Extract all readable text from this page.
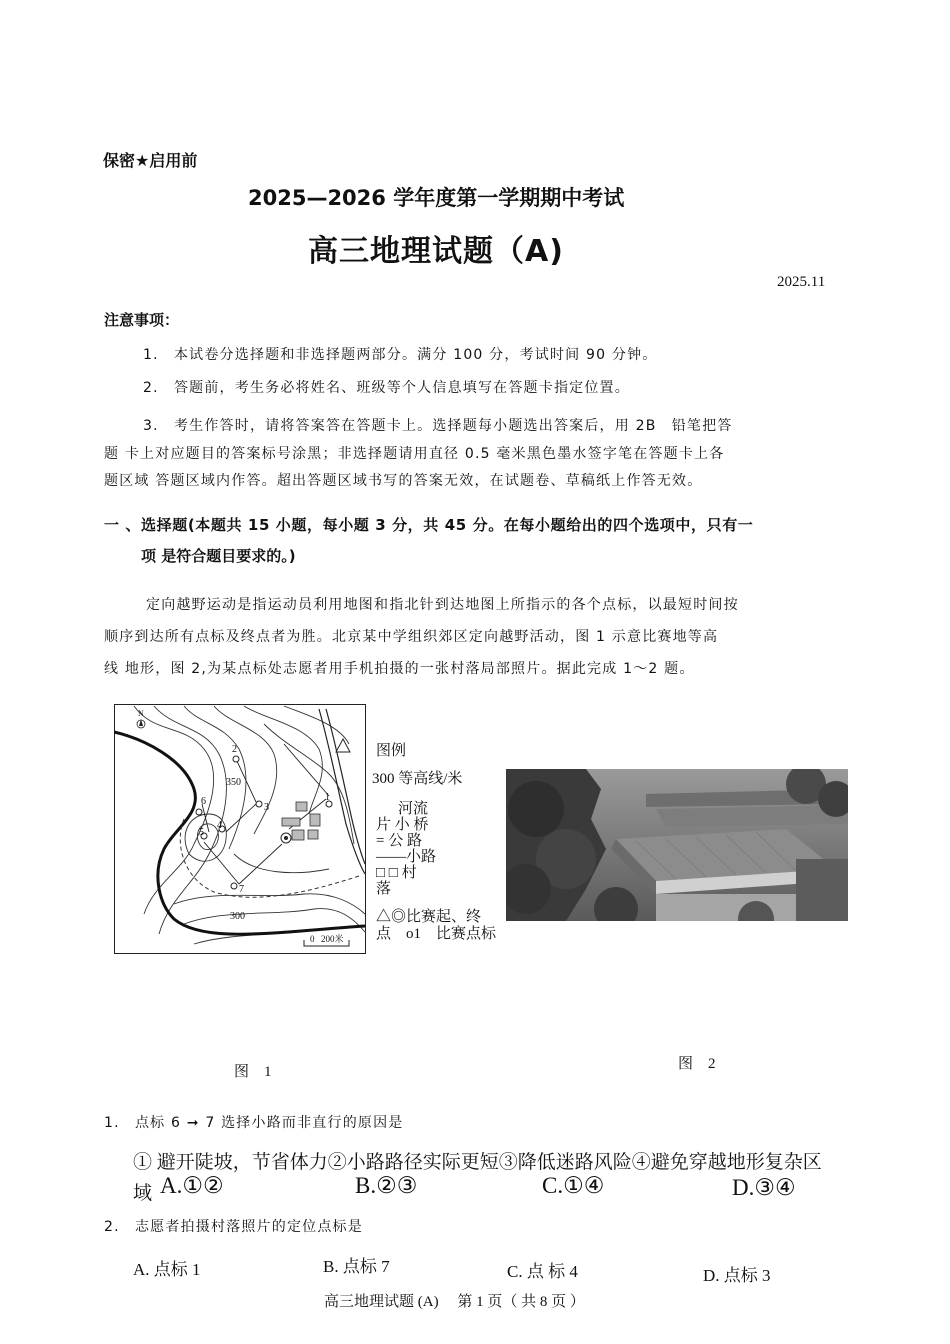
保密★启用前
2025—2026 学年度第一学期期中考试
高三地理试题（A)
2025.11
注意事项：
1.　本试卷分选择题和非选择题两部分。满分 100 分，考试时间 90 分钟。
2.　答题前，考生务必将姓名、班级等个人信息填写在答题卡指定位置。
3.　考生作答时，请将答案答在答题卡上。选择题每小题选出答案后，用 2B　铅笔把答
题 卡上对应题目的答案标号涂黑；非选择题请用直径 0.5 毫米黑色墨水签字笔在答题卡上各
题区域 答题区域内作答。超出答题区域书写的答案无效，在试题卷、草稿纸上作答无效。
一 、选择题(本题共 15 小题，每小题 3 分，共 45 分。在每小题给出的四个选项中，只有一
项 是符合题目要求的。)
定向越野运动是指运动员利用地图和指北针到达地图上所指示的各个点标，以最短时间按
顺序到达所有点标及终点者为胜。北京某中学组织郊区定向越野活动，图 1 示意比赛地等高
线 地形，图 2,为某点标处志愿者用手机拍摄的一张村落局部照片。据此完成 1～2 题。
1
2
3
4
5
6
7
350
300
N
0 200米
图例
300 等高线/米
河流
片 小 桥
= 公 路
——小路
□ □ 村
落
△◎比赛起、终
点　o1　比赛点标
图　1	图　2
1.　点标 6 ➞ 7 选择小路而非直行的原因是
① 避开陡坡，节省体力②小路路径实际更短③降低迷路风险④避免穿越地形复杂区
域 A.①②	B.②③	C.①④	D.③④
2.　志愿者拍摄村落照片的定位点标是
A. 点标 1	B. 点标 7	C. 点 标 4	D. 点标 3
高三地理试题 (A)　 第 1 页（ 共 8 页 ）
